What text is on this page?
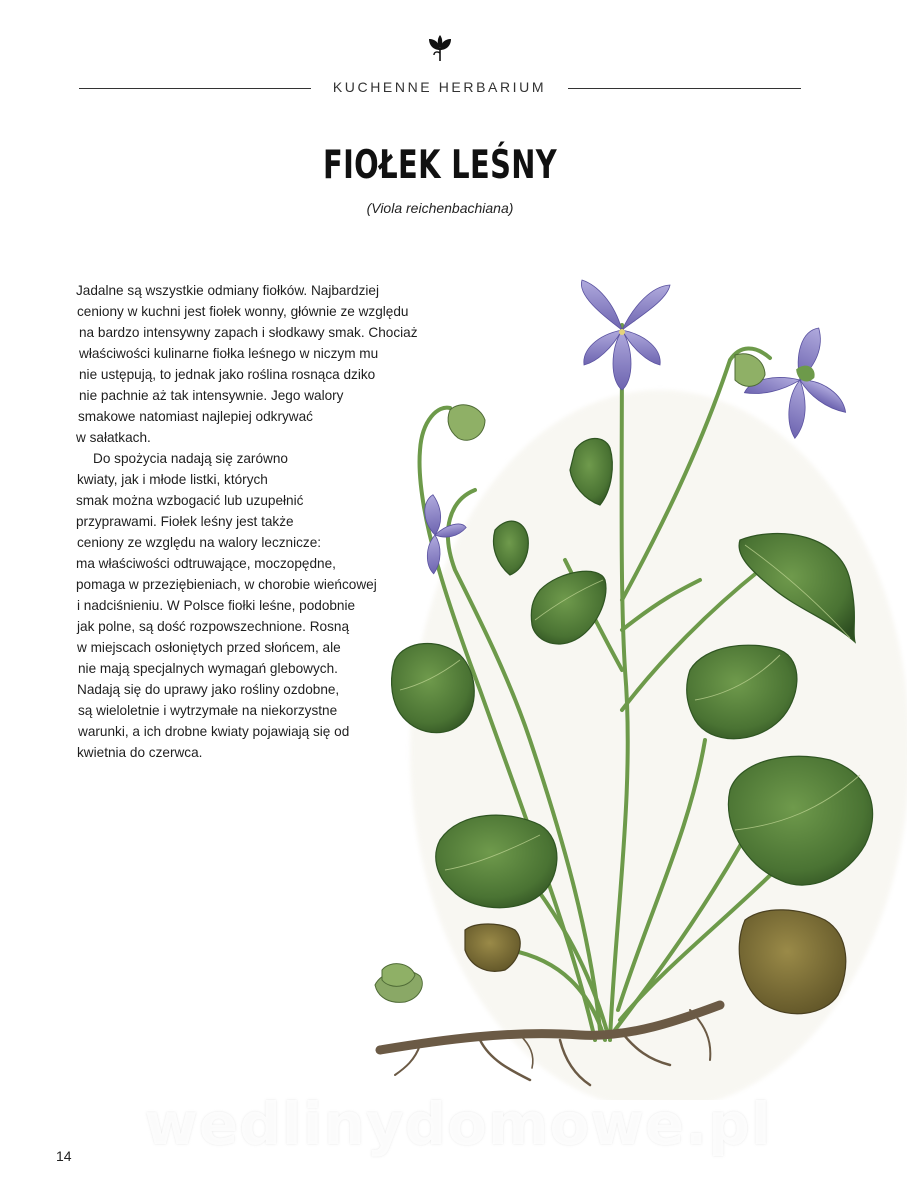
KUCHENNE HERBARIUM
FIOŁEK LEŚNY
(Viola reichenbachiana)
Jadalne są wszystkie odmiany fiołków. Najbardziej
ceniony w kuchni jest fiołek wonny, głównie ze względu
na bardzo intensywny zapach i słodkawy smak. Chociaż
właściwości kulinarne fiołka leśnego w niczym mu
nie ustępują, to jednak jako roślina rosnąca dziko
nie pachnie aż tak intensywnie. Jego walory
smakowe natomiast najlepiej odkrywać
w sałatkach.
Do spożycia nadają się zarówno
kwiaty, jak i młode listki, których
smak można wzbogacić lub uzupełnić
przyprawami. Fiołek leśny jest także
ceniony ze względu na walory lecznicze:
ma właściwości odtruwające, moczopędne,
pomaga w przeziębieniach, w chorobie wieńcowej
i nadciśnieniu. W Polsce fiołki leśne, podobnie
jak polne, są dość rozpowszechnione. Rosną
w miejscach osłoniętych przed słońcem, ale
nie mają specjalnych wymagań glebowych.
Nadają się do uprawy jako rośliny ozdobne,
są wieloletnie i wytrzymałe na niekorzystne
warunki, a ich drobne kwiaty pojawiają się od
kwietnia do czerwca.
wedlinydomowe.pl
14
